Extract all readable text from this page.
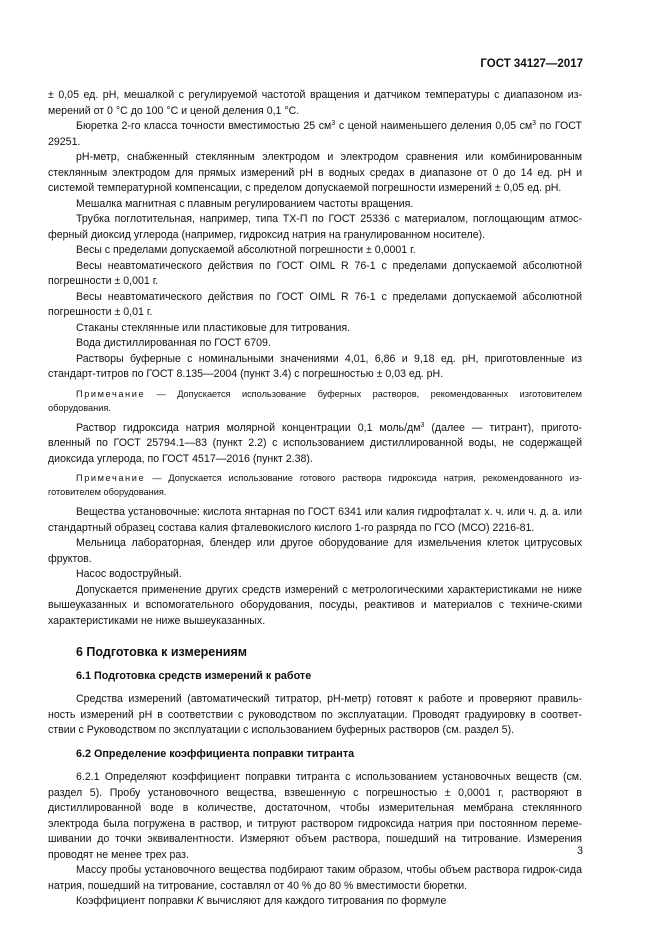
ГОСТ 34127—2017

± 0,05 ед. рН, мешалкой с регулируемой частотой вращения и датчиком температуры с диапазоном из-мерений от 0 °С до 100 °С и ценой деления 0,1 °С.

Бюретка 2-го класса точности вместимостью 25 $см^3$ с ценой наименьшего деления 0,05 $см^3$ по ГОСТ 29251.

рН-метр, снабженный стеклянным электродом и электродом сравнения или комбинированным стеклянным электродом для прямых измерений рН в водных средах в диапазоне от 0 до 14 ед. рН и системой температурной компенсации, с пределом допускаемой погрешности измерений ± 0,05 ед. рН.

Мешалка магнитная с плавным регулированием частоты вращения.

Трубка поглотительная, например, типа ТХ-П по ГОСТ 25336 с материалом, поглощающим атмос-ферный диоксид углерода (например, гидроксид натрия на гранулированном носителе).

Весы с пределами допускаемой абсолютной погрешности ± 0,0001 г.

Весы неавтоматического действия по ГОСТ OIML R 76-1 с пределами допускаемой абсолютной погрешности ± 0,001 г.

Весы неавтоматического действия по ГОСТ OIML R 76-1 с пределами допускаемой абсолютной погрешности ± 0,01 г.

Стаканы стеклянные или пластиковые для титрования.

Вода дистиллированная по ГОСТ 6709.

Растворы буферные с номинальными значениями 4,01, 6,86 и 9,18 ед. рН, приготовленные из стандарт-титров по ГОСТ 8.135—2004 (пункт 3.4) с погрешностью ± 0,03 ед. рН.

Примечание — Допускается использование буферных растворов, рекомендованных изготовителем оборудования.

Раствор гидроксида натрия молярной концентрации 0,1 моль/$дм^3$ (далее — титрант), пригото-вленный по ГОСТ 25794.1—83 (пункт 2.2) с использованием дистиллированной воды, не содержащей диоксида углерода, по ГОСТ 4517—2016 (пункт 2.38).

Примечание — Допускается использование готового раствора гидроксида натрия, рекомендованного из-готовителем оборудования.

Вещества установочные: кислота янтарная по ГОСТ 6341 или калия гидрофталат х. ч. или ч. д. а. или стандартный образец состава калия фталевокислого кислого 1-го разряда по ГСО (МСО) 2216-81.

Мельница лабораторная, блендер или другое оборудование для измельчения клеток цитрусовых фруктов.

Насос водоструйный.

Допускается применение других средств измерений с метрологическими характеристиками не ниже вышеуказанных и вспомогательного оборудования, посуды, реактивов и материалов с техниче-скими характеристиками не ниже вышеуказанных.

6 Подготовка к измерениям
6.1 Подготовка средств измерений к работе

Средства измерений (автоматический титратор, рН-метр) готовят к работе и проверяют правиль-ность измерений рН в соответствии с руководством по эксплуатации. Проводят градуировку в соответ-ствии с Руководством по эксплуатации с использованием буферных растворов (см. раздел 5).

6.2 Определение коэффициента поправки титранта

6.2.1 Определяют коэффициент поправки титранта с использованием установочных веществ (см. раздел 5). Пробу установочного вещества, взвешенную с погрешностью ± 0,0001 г, растворяют в дистиллированной воде в количестве, достаточном, чтобы измерительная мембрана стеклянного электрода была погружена в раствор, и титруют раствором гидроксида натрия при постоянном переме-шивании до точки эквивалентности. Измеряют объем раствора, пошедший на титрование. Измерения проводят не менее трех раз.

Массу пробы установочного вещества подбирают таким образом, чтобы объем раствора гидрок-сида натрия, пошедший на титрование, составлял от 40 % до 80 % вместимости бюретки.

Коэффициент поправки K вычисляют для каждого титрования по формуле

3
